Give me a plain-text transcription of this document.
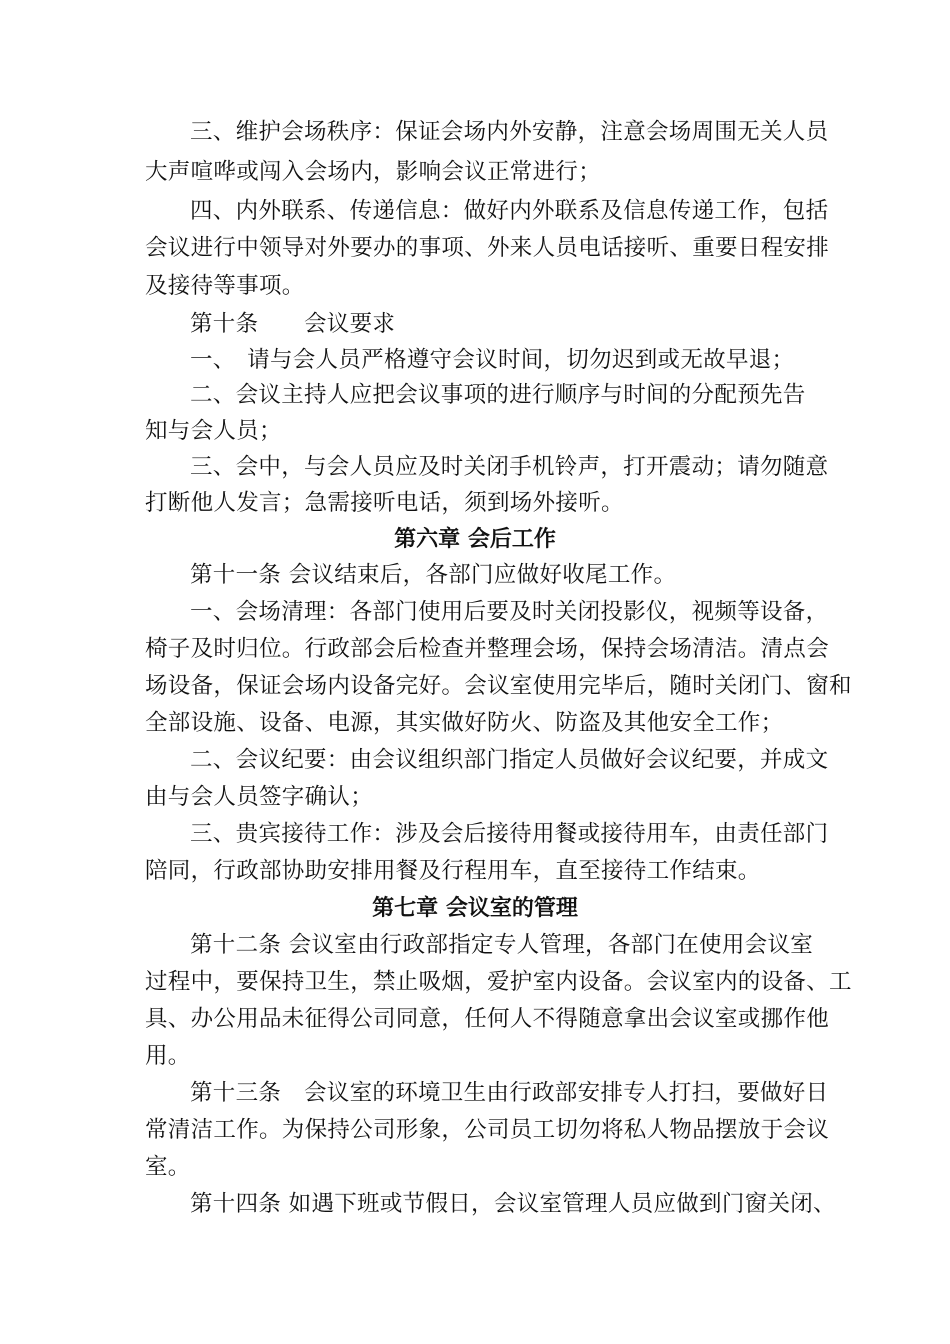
三、维护会场秩序：保证会场内外安静，注意会场周围无关人员
大声喧哗或闯入会场内，影响会议正常进行；
四、内外联系、传递信息：做好内外联系及信息传递工作，包括
会议进行中领导对外要办的事项、外来人员电话接听、重要日程安排
及接待等事项。
第十条　　会议要求
一、　请与会人员严格遵守会议时间，切勿迟到或无故早退；
二、会议主持人应把会议事项的进行顺序与时间的分配预先告
知与会人员；
三、会中，与会人员应及时关闭手机铃声，打开震动；请勿随意
打断他人发言；急需接听电话，须到场外接听。
第六章 会后工作
第十一条 会议结束后，各部门应做好收尾工作。
一、会场清理：各部门使用后要及时关闭投影仪，视频等设备，
椅子及时归位。行政部会后检查并整理会场，保持会场清洁。清点会
场设备，保证会场内设备完好。会议室使用完毕后，随时关闭门、窗和
全部设施、设备、电源，其实做好防火、防盗及其他安全工作；
二、会议纪要：由会议组织部门指定人员做好会议纪要，并成文
由与会人员签字确认；
三、贵宾接待工作：涉及会后接待用餐或接待用车，由责任部门
陪同，行政部协助安排用餐及行程用车，直至接待工作结束。
第七章 会议室的管理
第十二条 会议室由行政部指定专人管理，各部门在使用会议室
过程中，要保持卫生，禁止吸烟，爱护室内设备。会议室内的设备、工
具、办公用品未征得公司同意，任何人不得随意拿出会议室或挪作他
用。
第十三条　会议室的环境卫生由行政部安排专人打扫，要做好日
常清洁工作。为保持公司形象，公司员工切勿将私人物品摆放于会议
室。
第十四条 如遇下班或节假日，会议室管理人员应做到门窗关闭、
